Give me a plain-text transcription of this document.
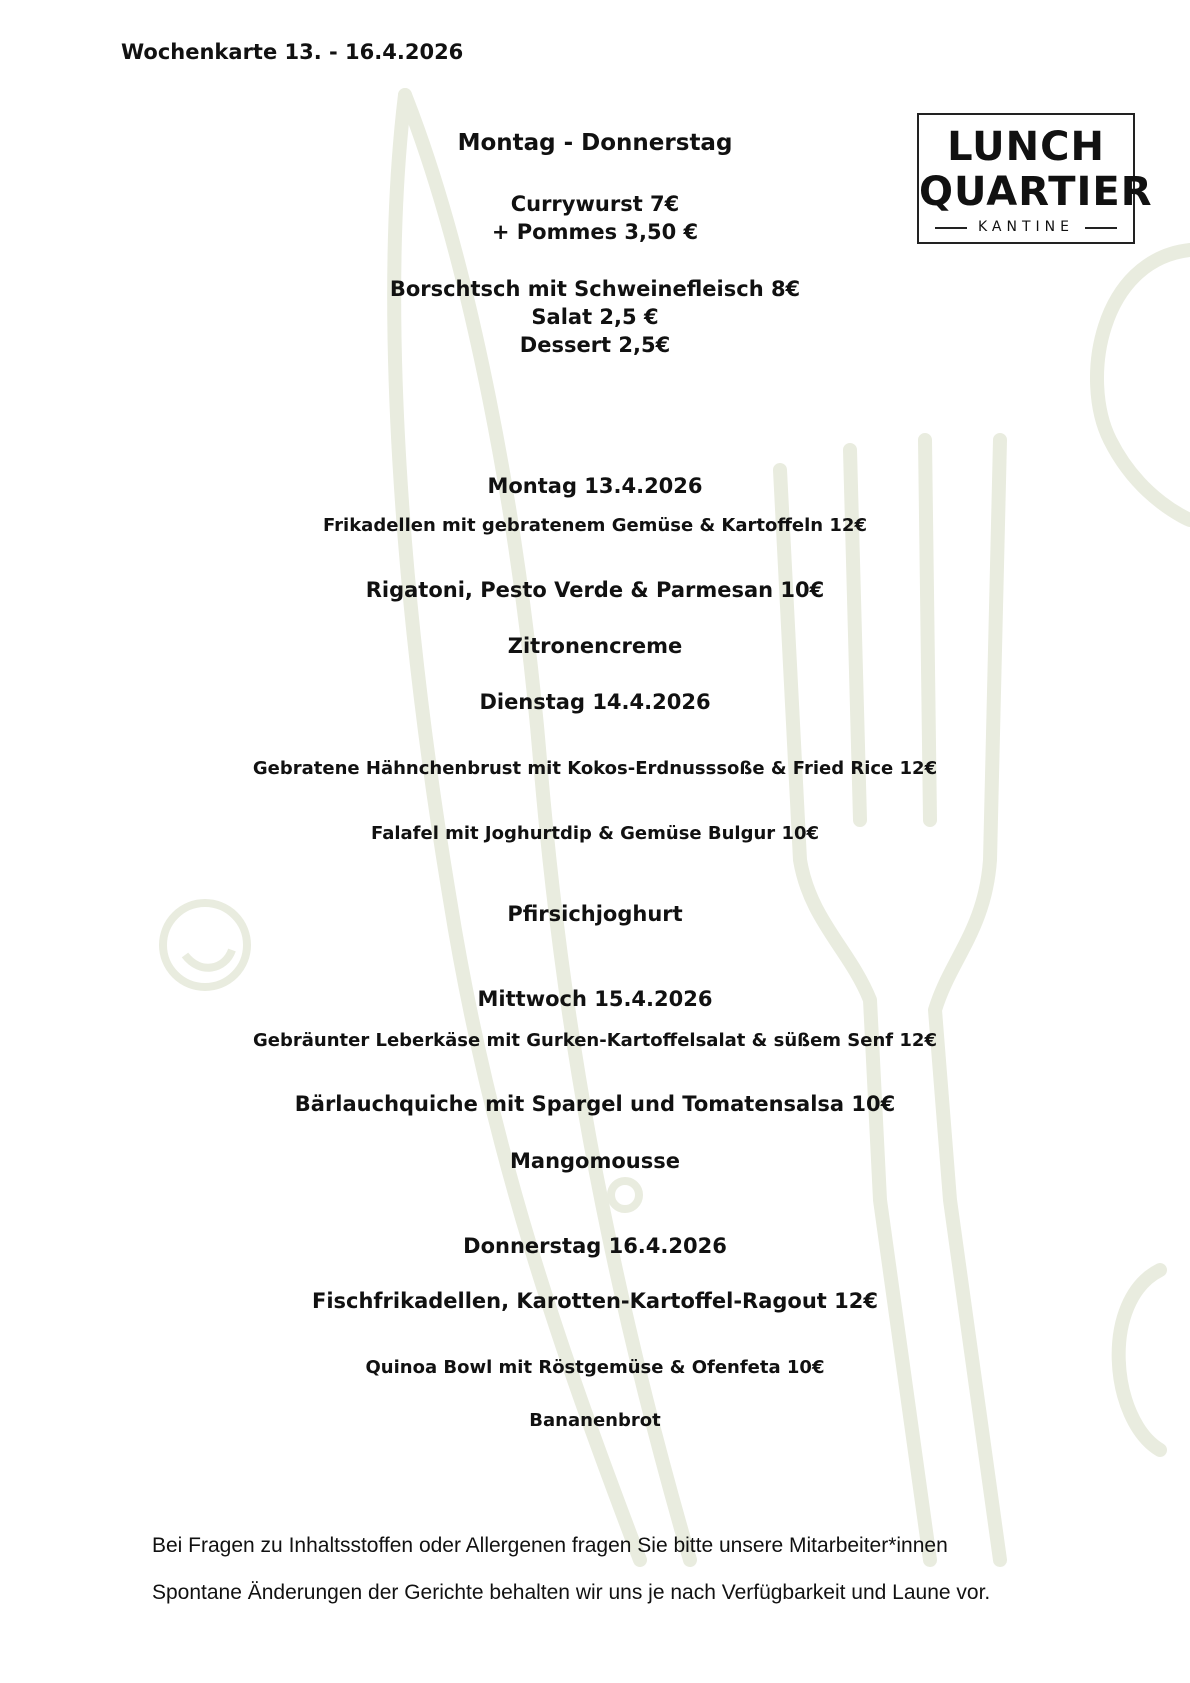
Wochenkarte 13. - 16.4.2026
LUNCH
QUARTIER
KANTINE
Montag - Donnerstag
Currywurst 7€
+ Pommes 3,50 €
Borschtsch mit Schweinefleisch 8€
Salat 2,5 €
Dessert 2,5€
Montag 13.4.2026
Frikadellen mit gebratenem Gemüse & Kartoffeln 12€
Rigatoni, Pesto Verde & Parmesan 10€
Zitronencreme
Dienstag 14.4.2026
Gebratene Hähnchenbrust mit Kokos-Erdnusssoße & Fried Rice 12€
Falafel mit Joghurtdip & Gemüse Bulgur 10€
Pfirsichjoghurt
Mittwoch 15.4.2026
Gebräunter Leberkäse mit Gurken-Kartoffelsalat & süßem Senf 12€
Bärlauchquiche mit Spargel und Tomatensalsa 10€
Mangomousse
Donnerstag 16.4.2026
Fischfrikadellen, Karotten-Kartoffel-Ragout 12€
Quinoa Bowl mit Röstgemüse & Ofenfeta 10€
Bananenbrot
Bei Fragen zu Inhaltsstoffen oder Allergenen fragen Sie bitte unsere Mitarbeiter*innen
Spontane Änderungen der Gerichte behalten wir uns je nach Verfügbarkeit und Laune vor.
